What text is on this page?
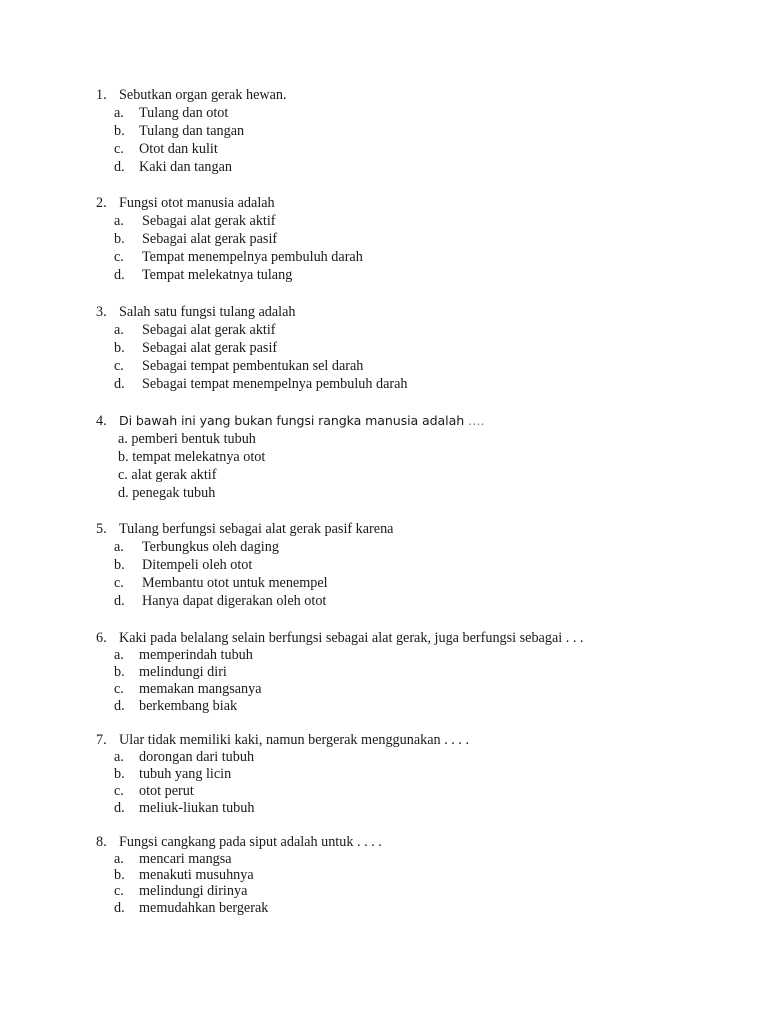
1. Sebutkan organ gerak hewan.
a. Tulang dan otot
b. Tulang dan tangan
c. Otot dan kulit
d. Kaki dan tangan
2. Fungsi otot manusia adalah
a. Sebagai alat gerak aktif
b. Sebagai alat gerak pasif
c. Tempat menempelnya pembuluh darah
d. Tempat melekatnya tulang
3. Salah satu fungsi tulang adalah
a. Sebagai alat gerak aktif
b. Sebagai alat gerak pasif
c. Sebagai tempat pembentukan sel darah
d. Sebagai tempat menempelnya pembuluh darah
4. Di bawah ini yang bukan fungsi rangka manusia adalah ….
a. pemberi bentuk tubuh
b. tempat melekatnya otot
c. alat gerak aktif
d. penegak tubuh
5. Tulang berfungsi sebagai alat gerak pasif karena
a. Terbungkus oleh daging
b. Ditempeli oleh otot
c. Membantu otot untuk menempel
d. Hanya dapat digerakan oleh otot
6. Kaki pada belalang selain berfungsi sebagai alat gerak, juga berfungsi sebagai . . .
a. memperindah tubuh
b. melindungi diri
c. memakan mangsanya
d. berkembang biak
7. Ular tidak memiliki kaki, namun bergerak menggunakan . . . .
a. dorongan dari tubuh
b. tubuh yang licin
c. otot perut
d. meliuk-liukan tubuh
8. Fungsi cangkang pada siput adalah untuk . . . .
a. mencari mangsa
b. menakuti musuhnya
c. melindungi dirinya
d. memudahkan bergerak
